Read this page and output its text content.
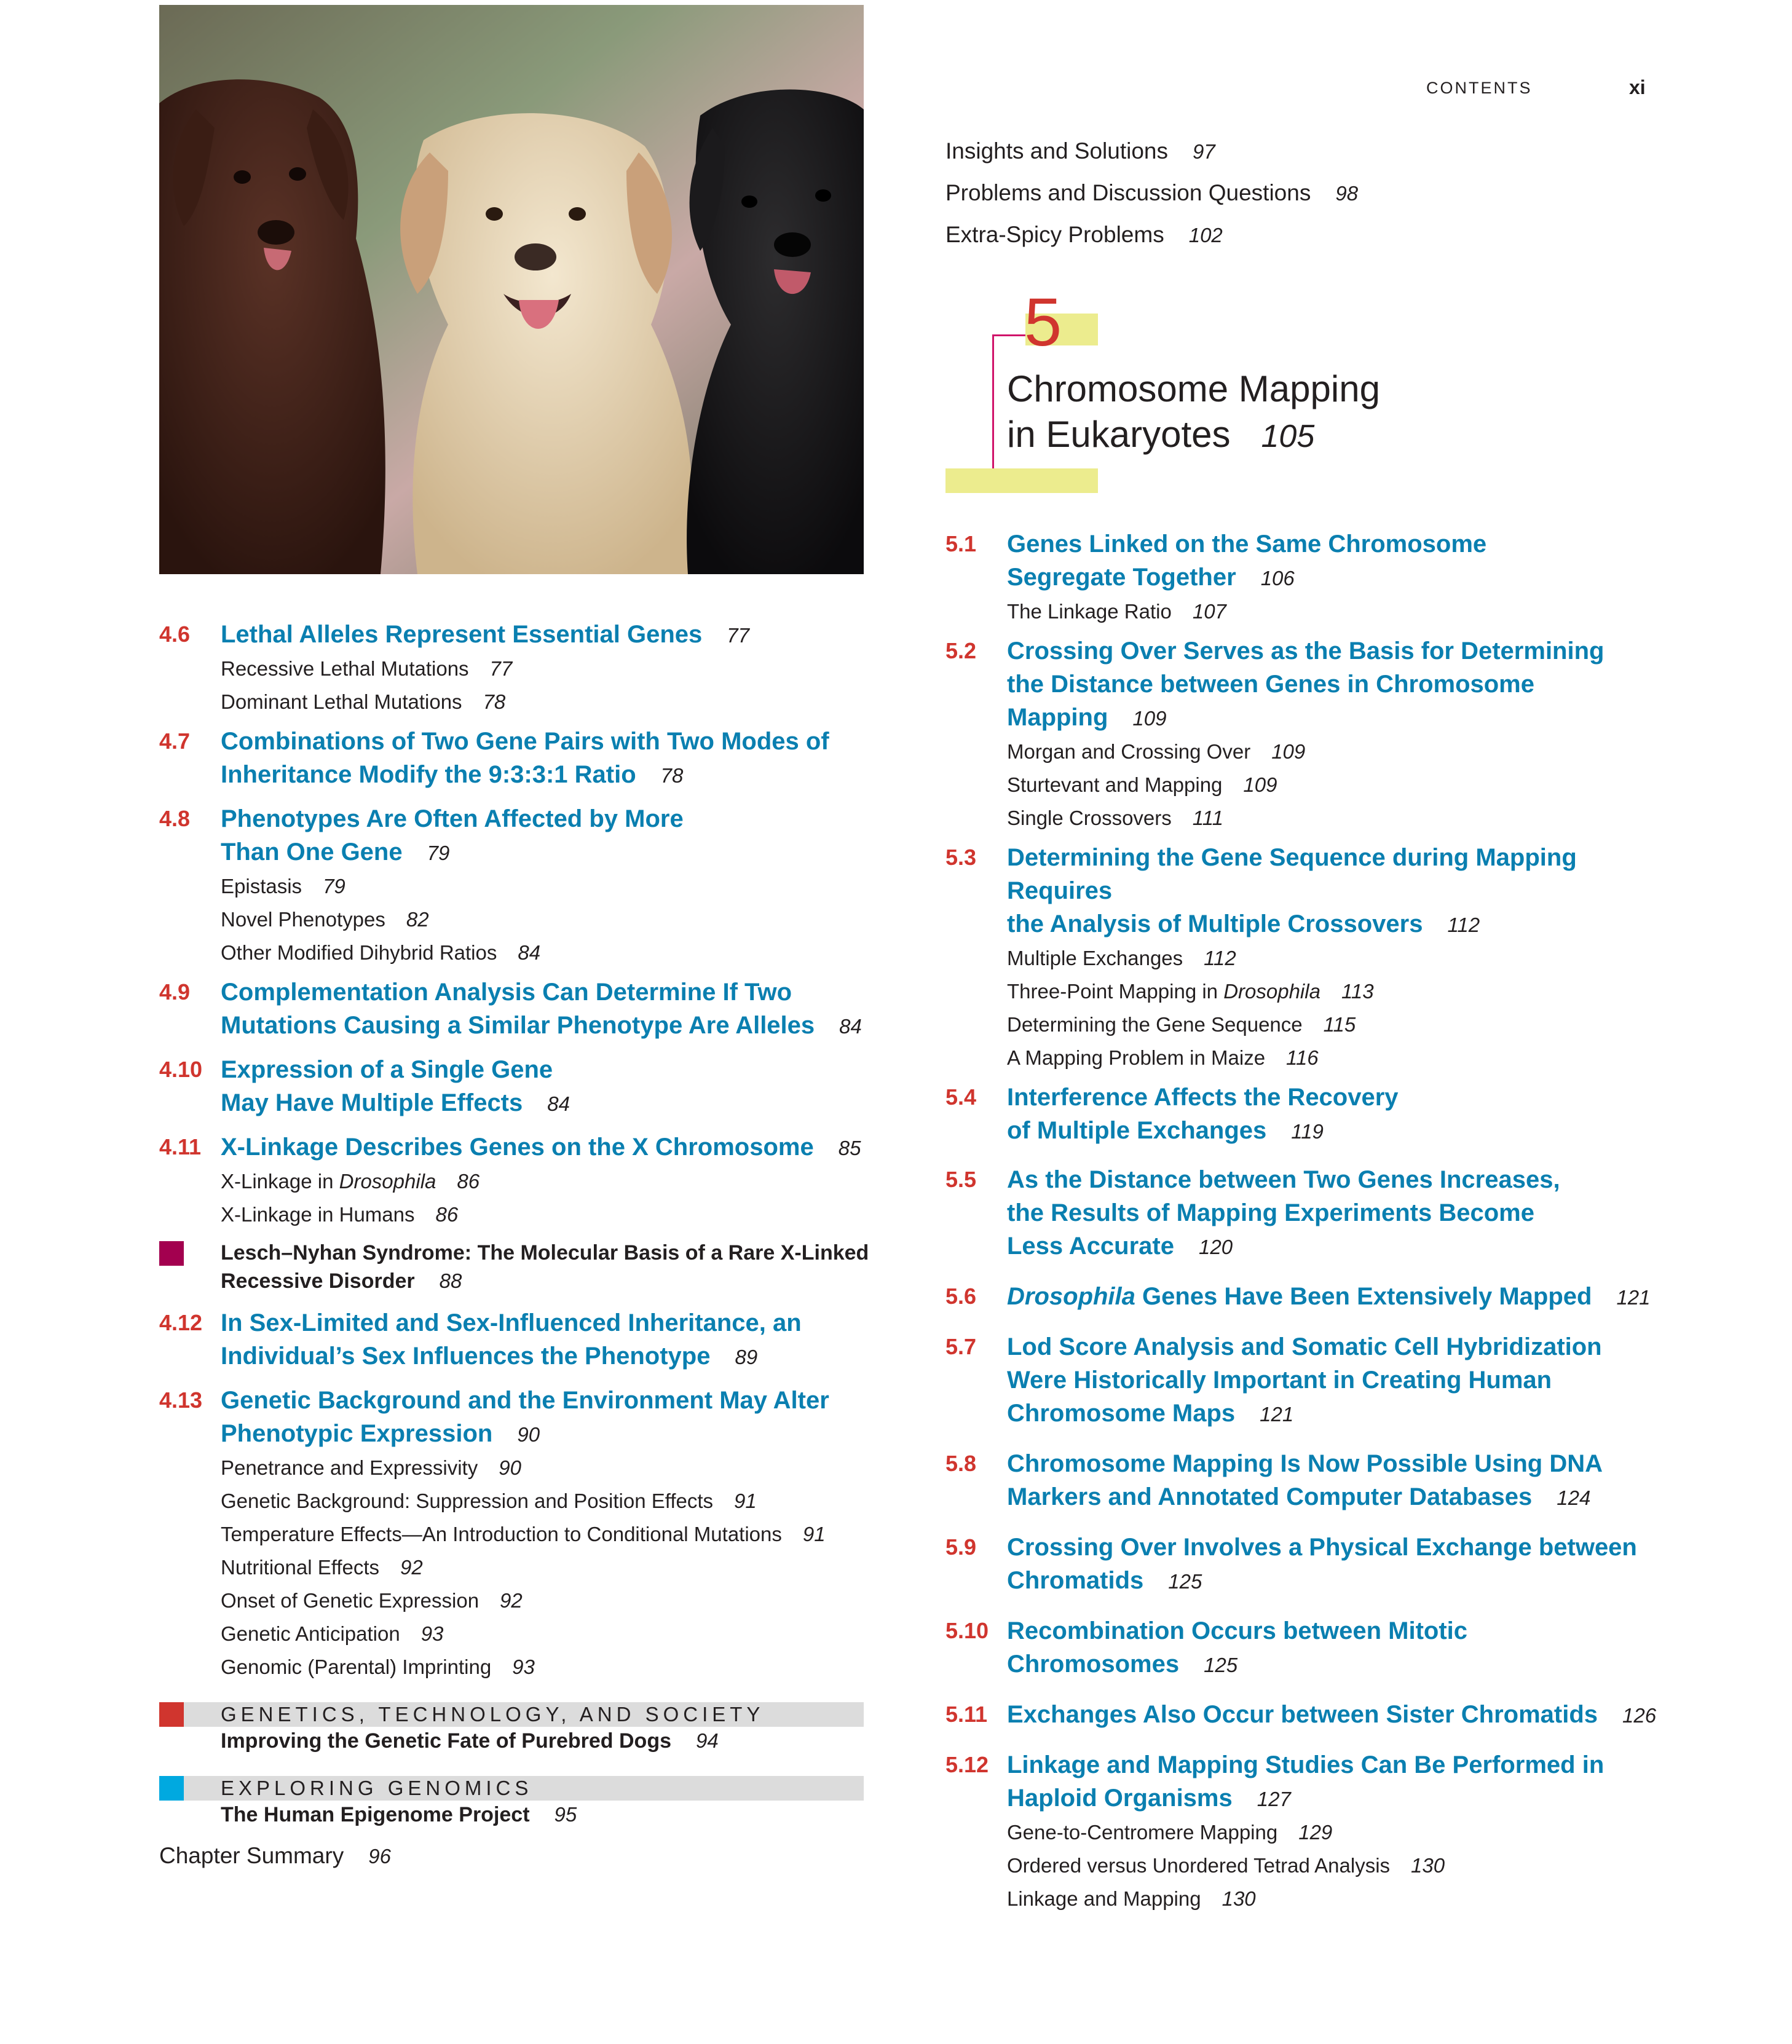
CONTENTS	xi
Insights and Solutions 97
Problems and Discussion Questions 98
Extra-Spicy Problems 102
5
Chromosome Mapping
in Eukaryotes 105
4.6 Lethal Alleles Represent Essential Genes 77
Recessive Lethal Mutations 77
Dominant Lethal Mutations 78
4.7 Combinations of Two Gene Pairs with Two Modes of
Inheritance Modify the 9:3:3:1 Ratio 78
4.8 Phenotypes Are Often Affected by More
Than One Gene 79
Epistasis 79
Novel Phenotypes 82
Other Modified Dihybrid Ratios 84
4.9 Complementation Analysis Can Determine If Two
Mutations Causing a Similar Phenotype Are Alleles 84
4.10 Expression of a Single Gene
May Have Multiple Effects 84
4.11 X-Linkage Describes Genes on the X Chromosome 85
X-Linkage in Drosophila 86
X-Linkage in Humans 86
Lesch–Nyhan Syndrome: The Molecular Basis of a Rare X-Linked
Recessive Disorder 88
4.12 In Sex-Limited and Sex-Influenced Inheritance, an
Individual’s Sex Influences the Phenotype 89
4.13 Genetic Background and the Environment May Alter
Phenotypic Expression 90
Penetrance and Expressivity 90
Genetic Background: Suppression and Position Effects 91
Temperature Effects—An Introduction to Conditional Mutations 91
Nutritional Effects 92
Onset of Genetic Expression 92
Genetic Anticipation 93
Genomic (Parental) Imprinting 93
GENETICS, TECHNOLOGY, AND SOCIETY
Improving the Genetic Fate of Purebred Dogs 94
EXPLORING GENOMICS
The Human Epigenome Project 95
Chapter Summary 96
5.1 Genes Linked on the Same Chromosome
Segregate Together 106
The Linkage Ratio 107
5.2 Crossing Over Serves as the Basis for Determining
the Distance between Genes in Chromosome
Mapping 109
Morgan and Crossing Over 109
Sturtevant and Mapping 109
Single Crossovers 111
5.3 Determining the Gene Sequence during Mapping Requires
the Analysis of Multiple Crossovers 112
Multiple Exchanges 112
Three-Point Mapping in Drosophila 113
Determining the Gene Sequence 115
A Mapping Problem in Maize 116
5.4 Interference Affects the Recovery
of Multiple Exchanges 119
5.5 As the Distance between Two Genes Increases,
the Results of Mapping Experiments Become
Less Accurate 120
5.6 Drosophila Genes Have Been Extensively Mapped 121
5.7 Lod Score Analysis and Somatic Cell Hybridization
Were Historically Important in Creating Human
Chromosome Maps 121
5.8 Chromosome Mapping Is Now Possible Using DNA
Markers and Annotated Computer Databases 124
5.9 Crossing Over Involves a Physical Exchange between
Chromatids 125
5.10 Recombination Occurs between Mitotic
Chromosomes 125
5.11 Exchanges Also Occur between Sister Chromatids 126
5.12 Linkage and Mapping Studies Can Be Performed in
Haploid Organisms 127
Gene-to-Centromere Mapping 129
Ordered versus Unordered Tetrad Analysis 130
Linkage and Mapping 130
